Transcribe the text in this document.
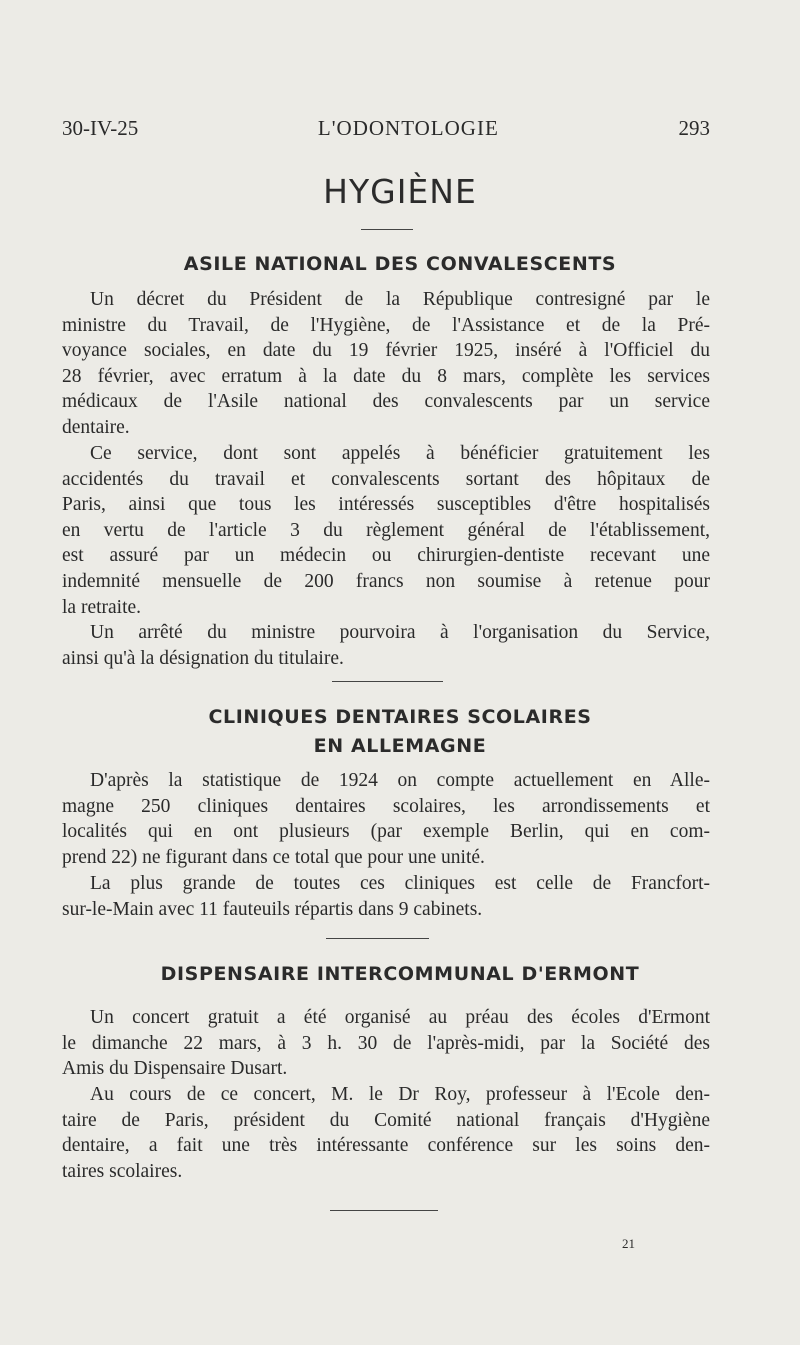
30-IV-25	L'ODONTOLOGIE	293
HYGIÈNE
ASILE NATIONAL DES CONVALESCENTS
Un décret du Président de la République contresigné par le
ministre du Travail, de l'Hygiène, de l'Assistance et de la Pré-
voyance sociales, en date du 19 février 1925, inséré à l'Officiel du
28 février, avec erratum à la date du 8 mars, complète les services
médicaux de l'Asile national des convalescents par un service
dentaire.
Ce service, dont sont appelés à bénéficier gratuitement les
accidentés du travail et convalescents sortant des hôpitaux de
Paris, ainsi que tous les intéressés susceptibles d'être hospitalisés
en vertu de l'article 3 du règlement général de l'établissement,
est assuré par un médecin ou chirurgien-dentiste recevant une
indemnité mensuelle de 200 francs non soumise à retenue pour
la retraite.
Un arrêté du ministre pourvoira à l'organisation du Service,
ainsi qu'à la désignation du titulaire.
CLINIQUES DENTAIRES SCOLAIRES
EN ALLEMAGNE
D'après la statistique de 1924 on compte actuellement en Alle-
magne 250 cliniques dentaires scolaires, les arrondissements et
localités qui en ont plusieurs (par exemple Berlin, qui en com-
prend 22) ne figurant dans ce total que pour une unité.
La plus grande de toutes ces cliniques est celle de Francfort-
sur-le-Main avec 11 fauteuils répartis dans 9 cabinets.
DISPENSAIRE INTERCOMMUNAL D'ERMONT
Un concert gratuit a été organisé au préau des écoles d'Ermont
le dimanche 22 mars, à 3 h. 30 de l'après-midi, par la Société des
Amis du Dispensaire Dusart.
Au cours de ce concert, M. le Dr Roy, professeur à l'Ecole den-
taire de Paris, président du Comité national français d'Hygiène
dentaire, a fait une très intéressante conférence sur les soins den-
taires scolaires.
21
